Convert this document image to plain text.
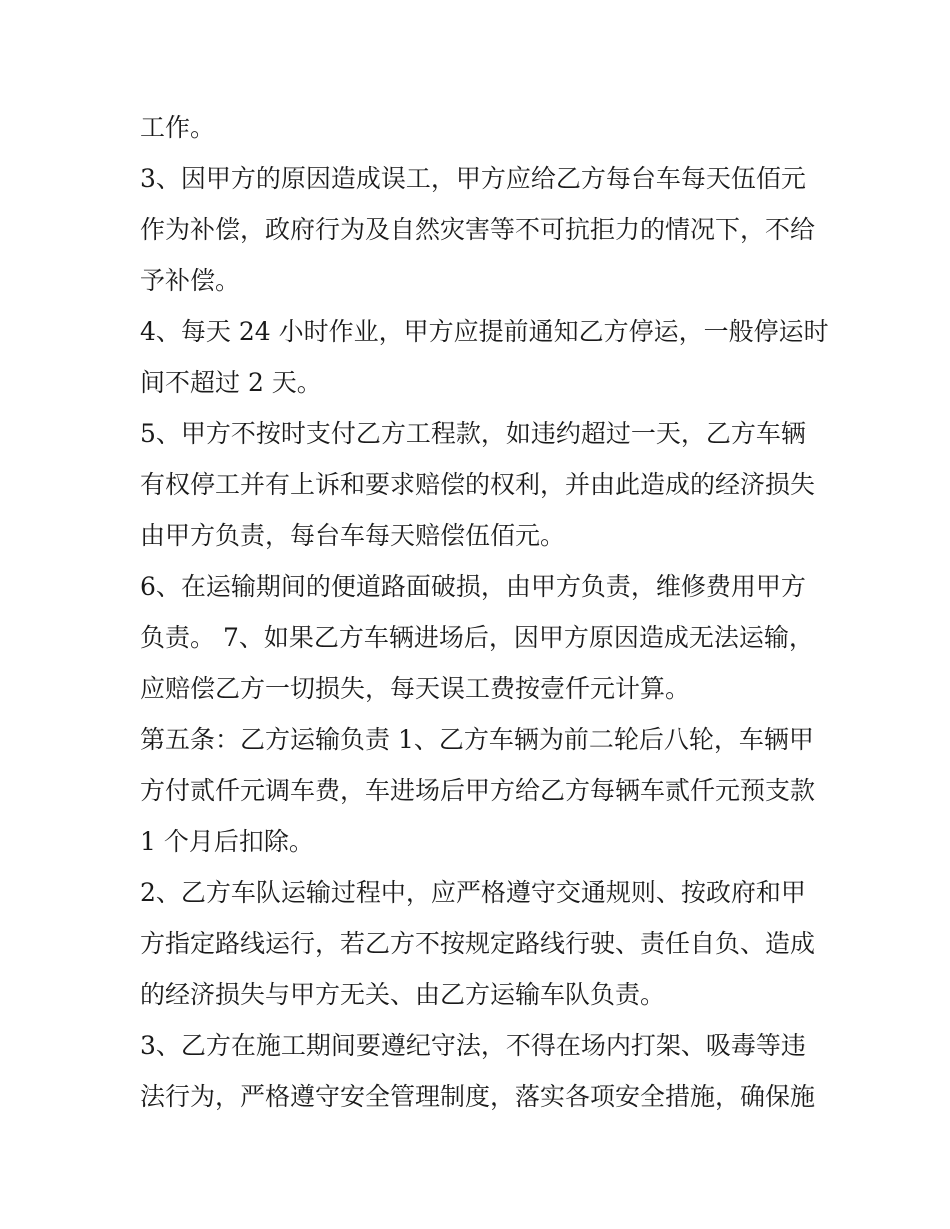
工作。
3、因甲方的原因造成误工，甲方应给乙方每台车每天伍佰元
作为补偿，政府行为及自然灾害等不可抗拒力的情况下，不给
予补偿。
4、每天 24 小时作业，甲方应提前通知乙方停运，一般停运时
间不超过 2 天。
5、甲方不按时支付乙方工程款，如违约超过一天，乙方车辆
有权停工并有上诉和要求赔偿的权利，并由此造成的经济损失
由甲方负责，每台车每天赔偿伍佰元。
6、在运输期间的便道路面破损，由甲方负责，维修费用甲方
负责。 7、如果乙方车辆进场后，因甲方原因造成无法运输，
应赔偿乙方一切损失，每天误工费按壹仟元计算。
第五条：乙方运输负责 1、乙方车辆为前二轮后八轮，车辆甲
方付贰仟元调车费，车进场后甲方给乙方每辆车贰仟元预支款
1 个月后扣除。
2、乙方车队运输过程中，应严格遵守交通规则、按政府和甲
方指定路线运行，若乙方不按规定路线行驶、责任自负、造成
的经济损失与甲方无关、由乙方运输车队负责。
3、乙方在施工期间要遵纪守法，不得在场内打架、吸毒等违
法行为，严格遵守安全管理制度，落实各项安全措施，确保施
